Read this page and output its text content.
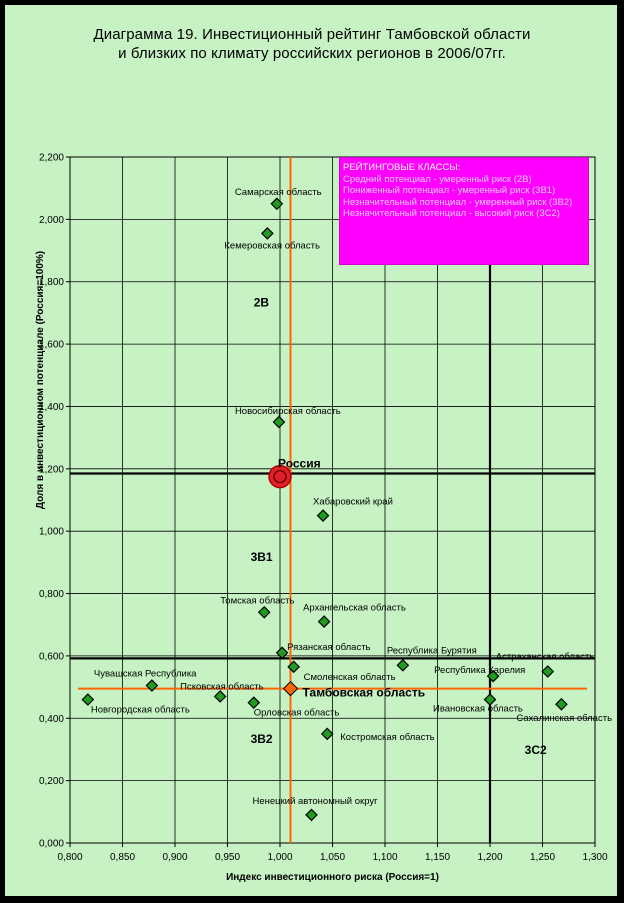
Диаграмма 19. Инвестиционный рейтинг Тамбовской области
и близких по климату российских регионов в 2006/07гг.
0,800	0,850	0,900	0,950	1,000	1,050	1,100	1,150	1,200	1,250	1,300
0,000
0,200
0,400
0,600
0,800
1,000
1,200
1,400
1,600
1,800
2,000
2,200
Индекс инвестиционного риска (Россия=1)
Доля в инвестиционном потенциале (Россия=100%)
Самарская область
Кемеровская область
Новосибирская область
Хабаровский край
Томская область
Архангельская область
Рязанская область
Смоленская область
Республика Бурятия
Астраханская область
Республика Карелия
Чувашская Республика
Псковская область
Новгородская область	Орловская область	Ивановская область
Сахалинская область
Костромская область
Ненецкий автономный округ
Россия
Тамбовская область
2В
3В1
3В2
3С2
РЕЙТИНГОВЫЕ КЛАССЫ:
Средний потенциал - умеренный риск (2В)
Пониженный потенциал - умеренный риск (3В1)
Незначительный потенциал - умеренный риск (3В2)
Незначительный потенциал - высокий риск (3С2)
